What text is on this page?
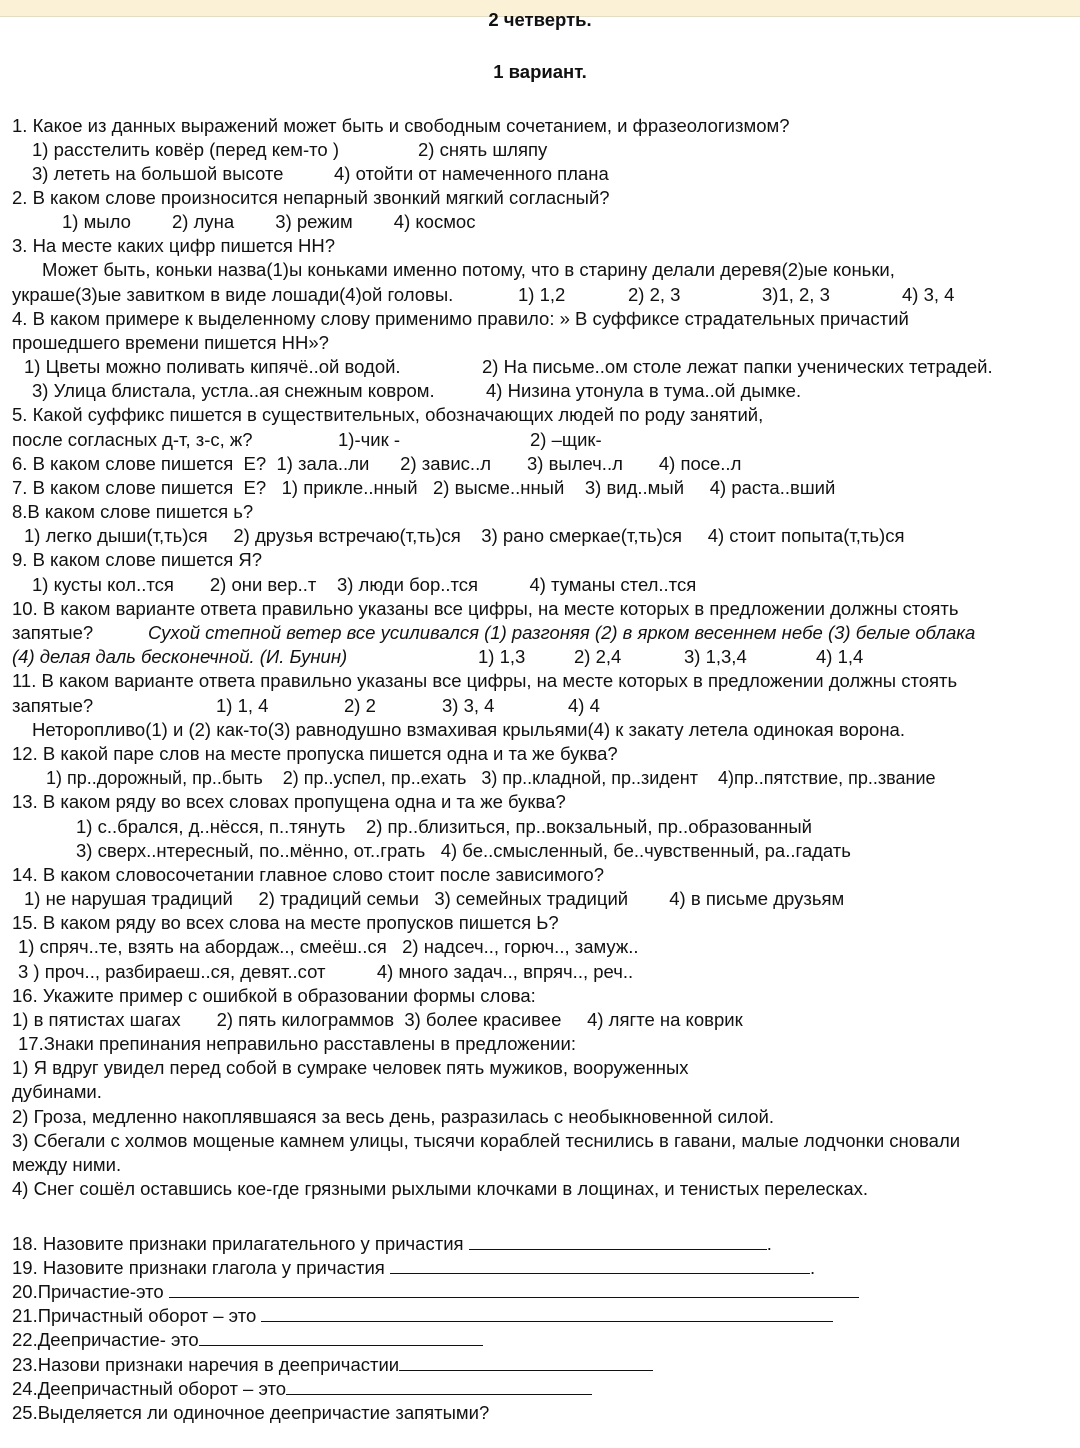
2 четверть.
1 вариант.
1. Какое из данных выражений может быть и свободным сочетанием, и фразеологизмом?
1) расстелить ковёр (перед кем-то )	2) снять шляпу
3) лететь на большой высоте	4) отойти от намеченного плана
2. В каком слове произносится непарный звонкий мягкий согласный?
1) мыло        2) луна        3) режим        4) космос
3. На месте каких цифр пишется НН?
Может быть, коньки назва(1)ы коньками именно потому, что в старину делали деревя(2)ые коньки,
украше(3)ые завитком в виде лошади(4)ой головы.	1) 1,2	2) 2, 3	3)1, 2, 3	4) 3, 4
4. В каком примере к выделенному слову применимо правило: » В суффиксе страдательных причастий
прошедшего времени пишется НН»?
1) Цветы можно поливать кипячё..ой водой.	2) На письме..ом столе лежат папки ученических тетрадей.
3) Улица блистала, устла..ая снежным ковром.	4) Низина утонула в тума..ой дымке.
5. Какой суффикс пишется в существительных, обозначающих людей по роду занятий,
после согласных д-т, з-с, ж?	1)-чик -	2) –щик-
6. В каком слове пишется  Е?  1) зала..ли      2) завис..л       3) вылеч..л       4) посе..л
7. В каком слове пишется  Е?   1) прикле..нный   2) высме..нный    3) вид..мый     4) раста..вший
8.В каком слове пишется ь?
1) легко дыши(т,ть)ся     2) друзья встречаю(т,ть)ся    3) рано смеркае(т,ть)ся     4) стоит попыта(т,ть)ся
9. В каком слове пишется Я?
1) кусты кол..тся       2) они вер..т    3) люди бор..тся          4) туманы стел..тся
10. В каком варианте ответа правильно указаны все цифры, на месте которых в предложении должны стоять
запятые?	Сухой степной ветер все усиливался (1) разгоняя (2) в ярком весеннем небе (3) белые облака
(4) делая даль бесконечной. (И. Бунин)	1) 1,3	2) 2,4	3) 1,3,4	4) 1,4
11. В каком варианте ответа правильно указаны все цифры, на месте которых в предложении должны стоять
запятые?	1) 1, 4	2) 2	3) 3, 4	4) 4
Неторопливо(1) и (2) как-то(3) равнодушно взмахивая крыльями(4) к закату летела одинокая ворона.
12. В какой паре слов на месте пропуска пишется одна и та же буква?
1) пр..дорожный, пр..быть    2) пр..успел, пр..ехать   3) пр..кладной, пр..зидент    4)пр..пятствие, пр..звание
13. В каком ряду во всех словах пропущена одна и та же буква?
1) с..брался, д..нёсся, п..тянуть    2) пр..близиться, пр..вокзальный, пр..образованный
3) сверх..нтересный, по..мённо, от..грать   4) бе..смысленный, бе..чувственный, ра..гадать
14. В каком словосочетании главное слово стоит после зависимого?
1) не нарушая традиций     2) традиций семьи   3) семейных традиций        4) в письме друзьям
15. В каком ряду во всех слова на месте пропусков пишется Ь?
1) спряч..те, взять на абордаж.., смеёш..ся   2) надсеч.., горюч.., замуж..
3 ) проч.., разбираеш..ся, девят..сот          4) много задач.., впряч.., реч..
16. Укажите пример с ошибкой в образовании формы слова:
1) в пятистах шагах       2) пять килограммов  3) более красивее     4) лягте на коврик
17.Знаки препинания неправильно расставлены в предложении:
1) Я вдруг увидел перед собой в сумраке человек пять мужиков, вооруженных
дубинами.
2) Гроза, медленно накоплявшаяся за весь день, разразилась с необыкновенной силой.
3) Сбегали с холмов мощеные камнем улицы, тысячи кораблей теснились в гавани, малые лодчонки сновали
между ними.
4) Снег сошёл оставшись кое-где грязными рыхлыми клочками в лощинах, и тенистых перелесках.
18. Назовите признаки прилагательного у причастия	.
19. Назовите признаки глагола у причастия	.
20.Причастие-это
21.Причастный оборот – это
22.Деепричастие- это
23.Назови признаки наречия в деепричастии
24.Деепричастный оборот – это
25.Выделяется ли одиночное деепричастие запятыми?
